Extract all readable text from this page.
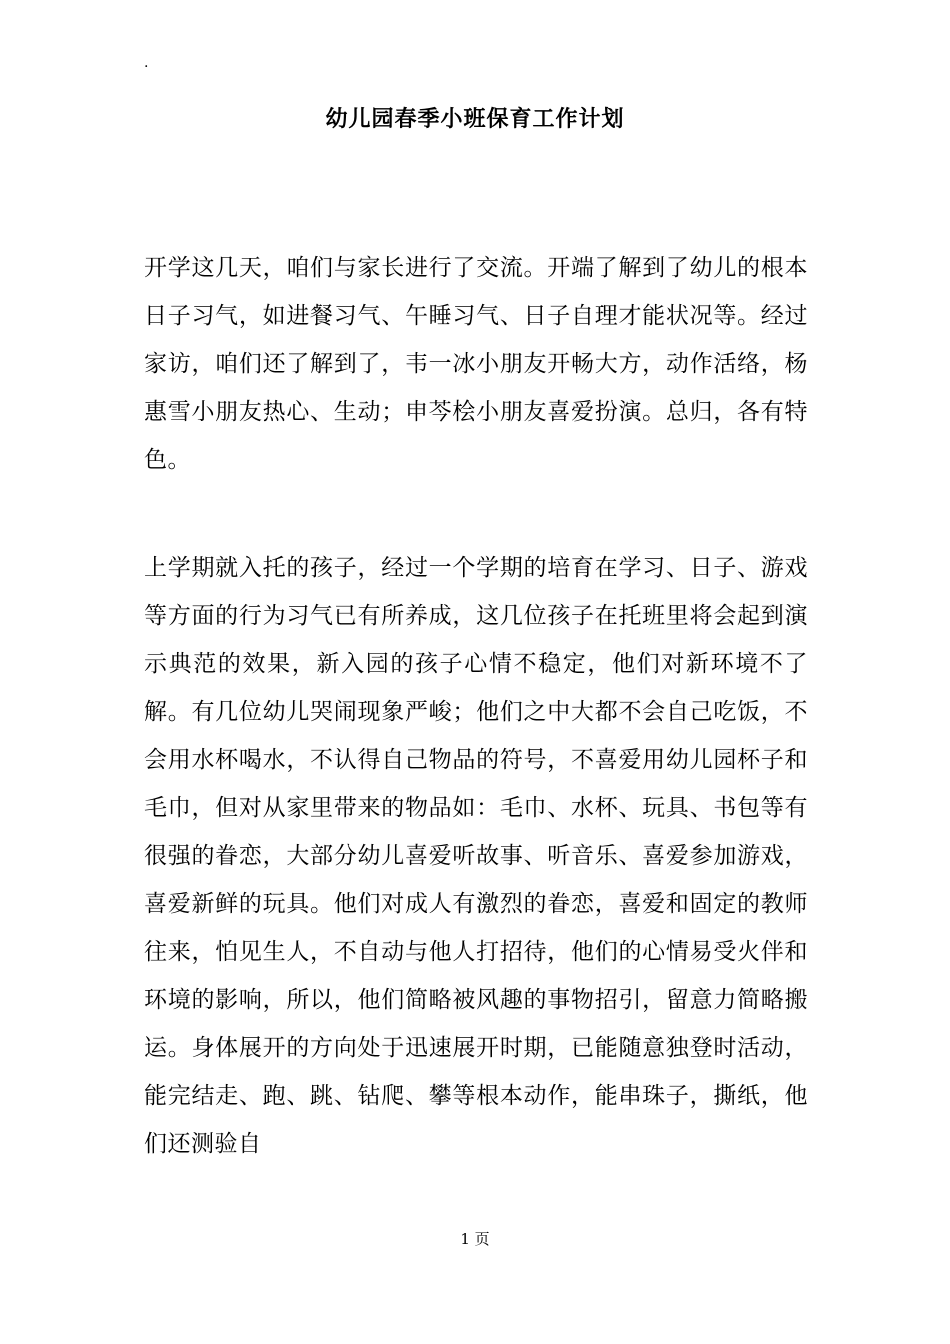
.
幼儿园春季小班保育工作计划

开学这几天，咱们与家长进行了交流。开端了解到了幼儿的根本日子习气，如进餐习气、午睡习气、日子自理才能状况等。经过家访，咱们还了解到了，韦一冰小朋友开畅大方，动作活络，杨惠雪小朋友热心、生动；申芩桧小朋友喜爱扮演。总归，各有特色。

上学期就入托的孩子，经过一个学期的培育在学习、日子、游戏等方面的行为习气已有所养成，这几位孩子在托班里将会起到演示典范的效果，新入园的孩子心情不稳定，他们对新环境不了解。有几位幼儿哭闹现象严峻；他们之中大都不会自己吃饭，不会用水杯喝水，不认得自己物品的符号，不喜爱用幼儿园杯子和毛巾，但对从家里带来的物品如：毛巾、水杯、玩具、书包等有很强的眷恋，大部分幼儿喜爱听故事、听音乐、喜爱参加游戏，喜爱新鲜的玩具。他们对成人有激烈的眷恋，喜爱和固定的教师往来，怕见生人，不自动与他人打招待，他们的心情易受火伴和环境的影响，所以，他们简略被风趣的事物招引，留意力简略搬运。身体展开的方向处于迅速展开时期，已能随意独登时活动，能完结走、跑、跳、钻爬、攀等根本动作，能串珠子，撕纸，他们还测验自

1 页
